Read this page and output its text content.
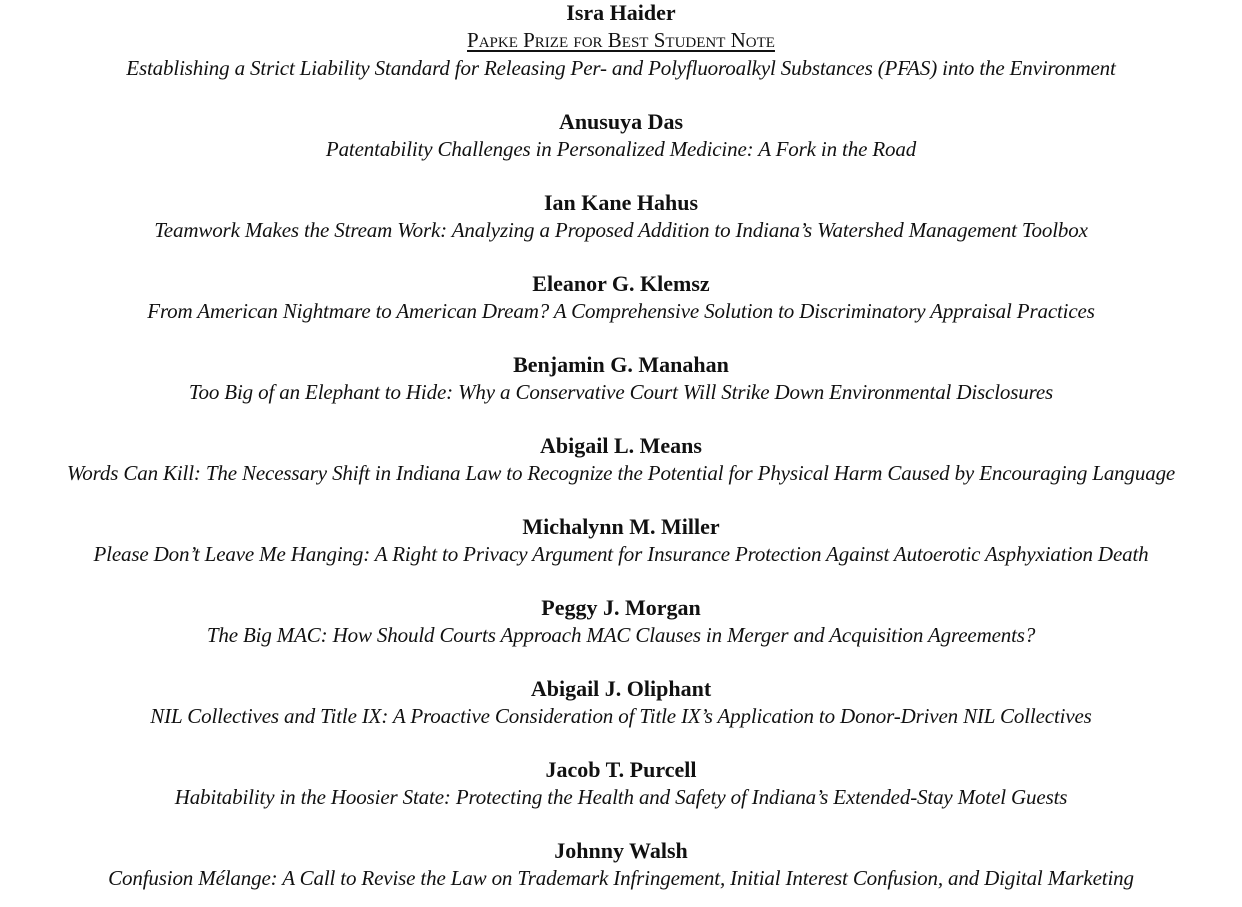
Isra Haider
Papke Prize for Best Student Note
Establishing a Strict Liability Standard for Releasing Per- and Polyfluoroalkyl Substances (PFAS) into the Environment
Anusuya Das
Patentability Challenges in Personalized Medicine: A Fork in the Road
Ian Kane Hahus
Teamwork Makes the Stream Work: Analyzing a Proposed Addition to Indiana’s Watershed Management Toolbox
Eleanor G. Klemsz
From American Nightmare to American Dream? A Comprehensive Solution to Discriminatory Appraisal Practices
Benjamin G. Manahan
Too Big of an Elephant to Hide: Why a Conservative Court Will Strike Down Environmental Disclosures
Abigail L. Means
Words Can Kill: The Necessary Shift in Indiana Law to Recognize the Potential for Physical Harm Caused by Encouraging Language
Michalynn M. Miller
Please Don’t Leave Me Hanging: A Right to Privacy Argument for Insurance Protection Against Autoerotic Asphyxiation Death
Peggy J. Morgan
The Big MAC: How Should Courts Approach MAC Clauses in Merger and Acquisition Agreements?
Abigail J. Oliphant
NIL Collectives and Title IX: A Proactive Consideration of Title IX’s Application to Donor-Driven NIL Collectives
Jacob T. Purcell
Habitability in the Hoosier State: Protecting the Health and Safety of Indiana’s Extended-Stay Motel Guests
Johnny Walsh
Confusion Mélange: A Call to Revise the Law on Trademark Infringement, Initial Interest Confusion, and Digital Marketing
